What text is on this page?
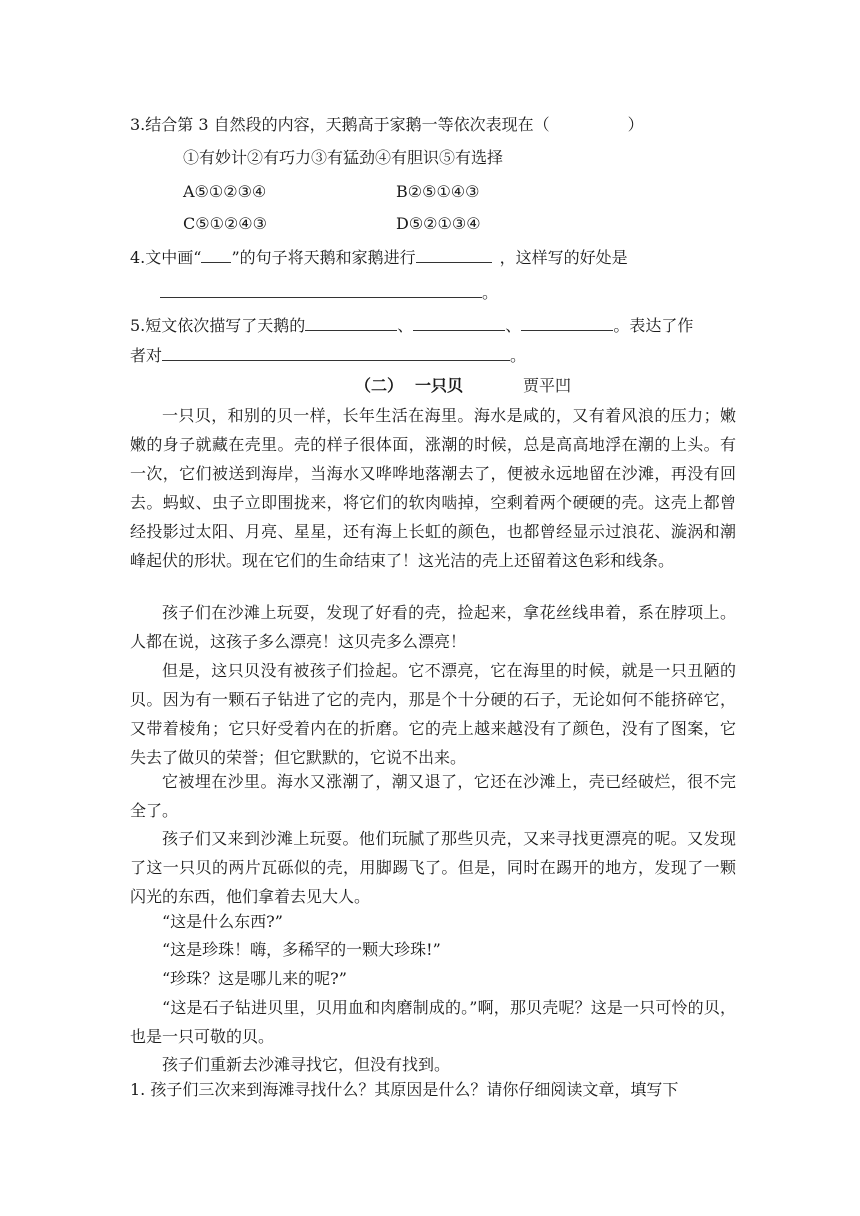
3.结合第 3 自然段的内容，天鹅高于家鹅一等依次表现在（	）
①有妙计②有巧力③有猛劲④有胆识⑤有选择
A⑤①②③④	B②⑤①④③
C⑤①②④③	D⑤②①③④
4.文中画“ ”的句子将天鹅和家鹅进行	，这样写的好处是
。
5.短文依次描写了天鹅的	、	、	。表达了作
者对	。
（二） 一只贝	贾平凹
一只贝，和别的贝一样，长年生活在海里。海水是咸的，又有着风浪的压力；嫩嫩的身子就藏在壳里。壳的样子很体面，涨潮的时候，总是高高地浮在潮的上头。有一次，它们被送到海岸，当海水又哗哗地落潮去了，便被永远地留在沙滩，再没有回去。蚂蚁、虫子立即围拢来，将它们的软肉啮掉，空剩着两个硬硬的壳。这壳上都曾经投影过太阳、月亮、星星，还有海上长虹的颜色，也都曾经显示过浪花、漩涡和潮峰起伏的形状。现在它们的生命结束了！这光洁的壳上还留着这色彩和线条。
孩子们在沙滩上玩耍，发现了好看的壳，捡起来，拿花丝线串着，系在脖项上。人都在说，这孩子多么漂亮！这贝壳多么漂亮！
但是，这只贝没有被孩子们捡起。它不漂亮，它在海里的时候，就是一只丑陋的贝。因为有一颗石子钻进了它的壳内，那是个十分硬的石子，无论如何不能挤碎它，又带着棱角；它只好受着内在的折磨。它的壳上越来越没有了颜色，没有了图案，它失去了做贝的荣誉；但它默默的，它说不出来。
它被埋在沙里。海水又涨潮了，潮又退了，它还在沙滩上，壳已经破烂，很不完全了。
孩子们又来到沙滩上玩耍。他们玩腻了那些贝壳，又来寻找更漂亮的呢。又发现了这一只贝的两片瓦砾似的壳，用脚踢飞了。但是，同时在踢开的地方，发现了一颗闪光的东西，他们拿着去见大人。
“这是什么东西?”
“这是珍珠！嗨，多稀罕的一颗大珍珠!”
“珍珠？这是哪儿来的呢?”
“这是石子钻进贝里，贝用血和肉磨制成的。”啊，那贝壳呢？这是一只可怜的贝，也是一只可敬的贝。
孩子们重新去沙滩寻找它，但没有找到。
1. 孩子们三次来到海滩寻找什么？其原因是什么？请你仔细阅读文章，填写下
